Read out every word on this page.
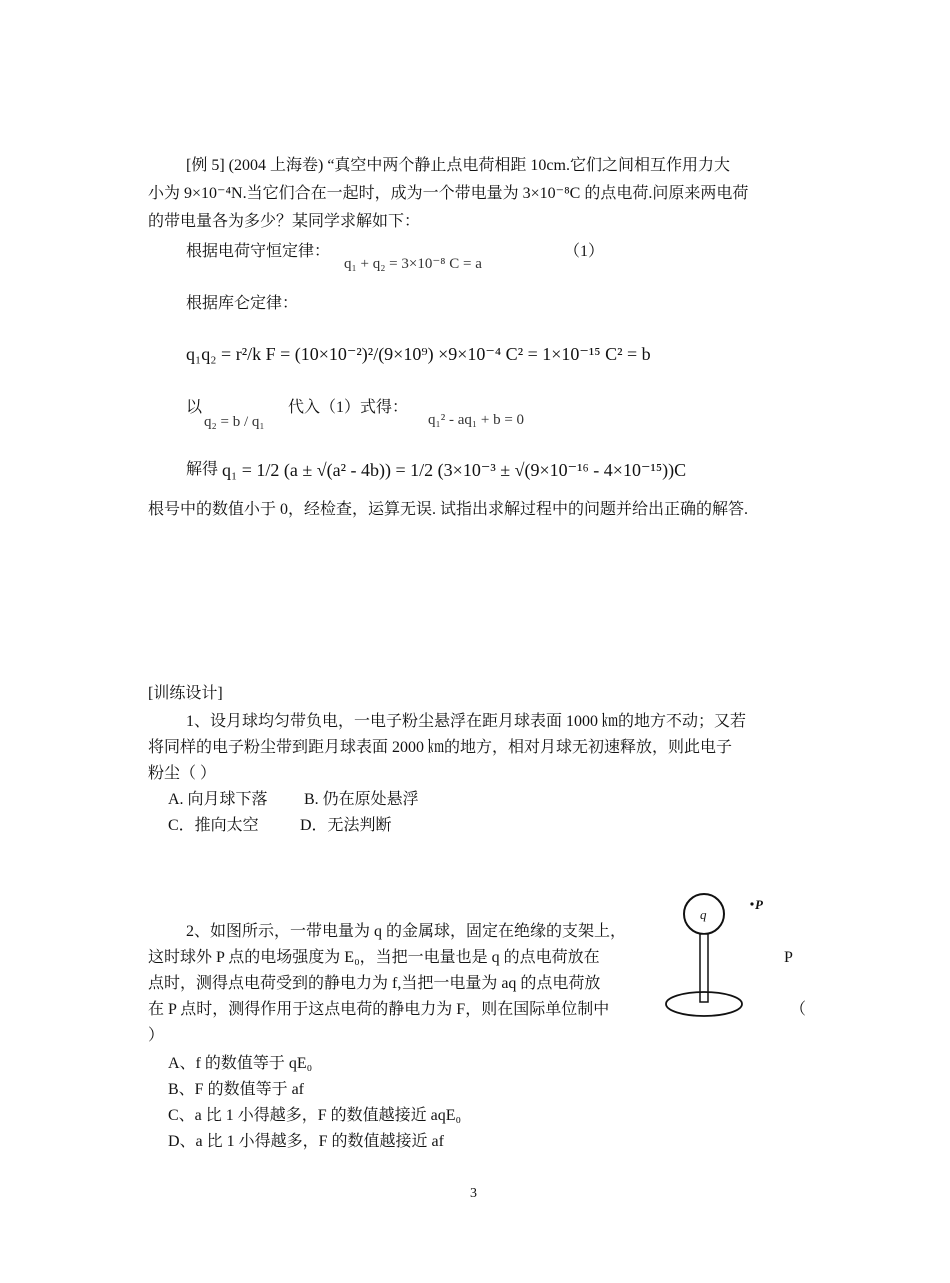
[例 5] (2004 上海卷) “真空中两个静止点电荷相距 10cm.它们之间相互作用力大
小为 9×10⁻⁴N.当它们合在一起时，成为一个带电量为 3×10⁻⁸C 的点电荷.问原来两电荷
的带电量各为多少？某同学求解如下：
根据电荷守恒定律：
q₁ + q₂ = 3×10⁻⁸ C = a
（1）
根据库仑定律：
q₁q₂ = r²/k F = (10×10⁻²)²/(9×10⁹) ×9×10⁻⁴ C² = 1×10⁻¹⁵ C² = b
以
q₂ = b / q₁
代入（1）式得：
q₁² - aq₁ + b = 0
解得 q₁ = 1/2 (a ± √(a² - 4b)) = 1/2 (3×10⁻³ ± √(9×10⁻¹⁶ - 4×10⁻¹⁵))C
根号中的数值小于 0，经检查，运算无误. 试指出求解过程中的问题并给出正确的解答.
[训练设计]
1、设月球均匀带负电，一电子粉尘悬浮在距月球表面 1000 ㎞的地方不动；又若
将同样的电子粉尘带到距月球表面 2000 ㎞的地方，相对月球无初速释放，则此电子
粉尘（ ）
A. 向月球下落 B. 仍在原处悬浮
C．推向太空	D．无法判断
2、如图所示，一带电量为 q 的金属球，固定在绝缘的支架上，
这时球外 P 点的电场强度为 E₀，当把一电量也是 q 的点电荷放在	P
点时，测得点电荷受到的静电力为 f,当把一电量为 aq 的点电荷放
在 P 点时，测得作用于这点电荷的静电力为 F，则在国际单位制中	（
）
A、f 的数值等于 qE₀
B、F 的数值等于 af
C、a 比 1 小得越多，F 的数值越接近 aqE₀
D、a 比 1 小得越多，F 的数值越接近 af
q
P
3
